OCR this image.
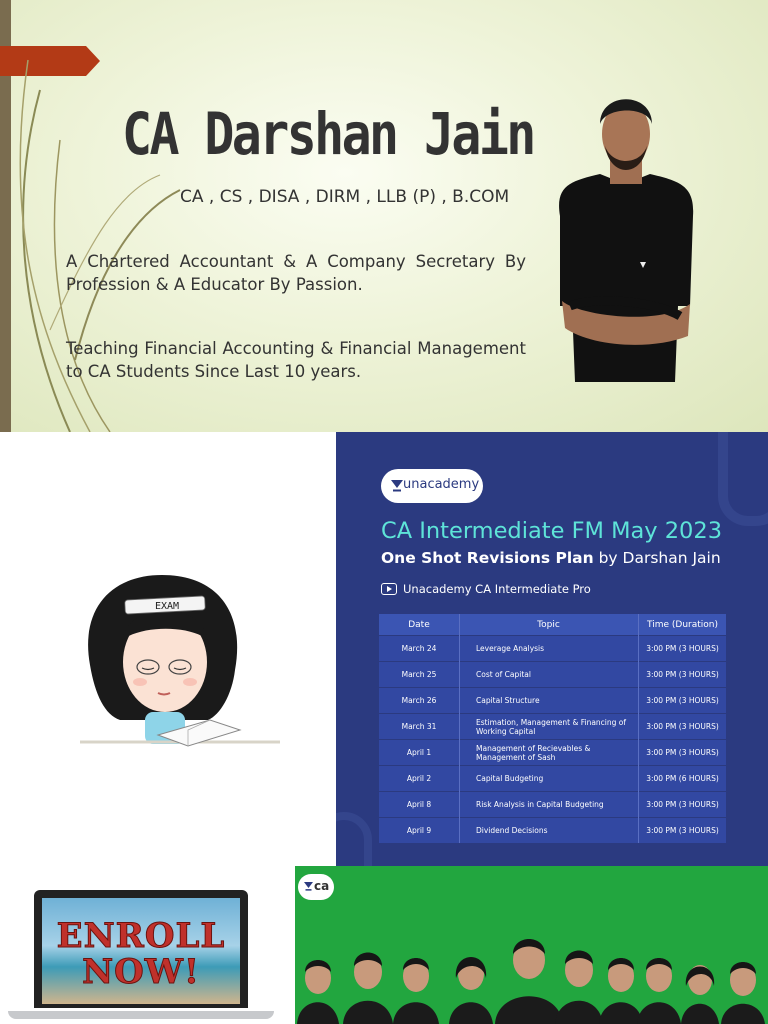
CA Darshan Jain
CA , CS , DISA , DIRM , LLB (P) , B.COM
A Chartered Accountant & A Company Secretary By Profession & A Educator By Passion.
Teaching Financial Accounting & Financial Management to CA Students Since Last 10 years.
EXAM
unacademy
CA Intermediate FM May 2023
One Shot Revisions Plan by Darshan Jain
Unacademy CA Intermediate Pro
Date	Topic	Time (Duration)
March 24	Leverage Analysis	3:00 PM (3 HOURS)
March 25	Cost of Capital	3:00 PM (3 HOURS)
March 26	Capital Structure	3:00 PM (3 HOURS)
March 31	Estimation, Management & Financing of Working Capital	3:00 PM (3 HOURS)
April 1	Management of Recievables & Management of Sash	3:00 PM (3 HOURS)
April 2	Capital Budgeting	3:00 PM (6 HOURS)
April 8	Risk Analysis in Capital Budgeting	3:00 PM (3 HOURS)
April 9	Dividend Decisions	3:00 PM (3 HOURS)
ENROLL
NOW!
ca
